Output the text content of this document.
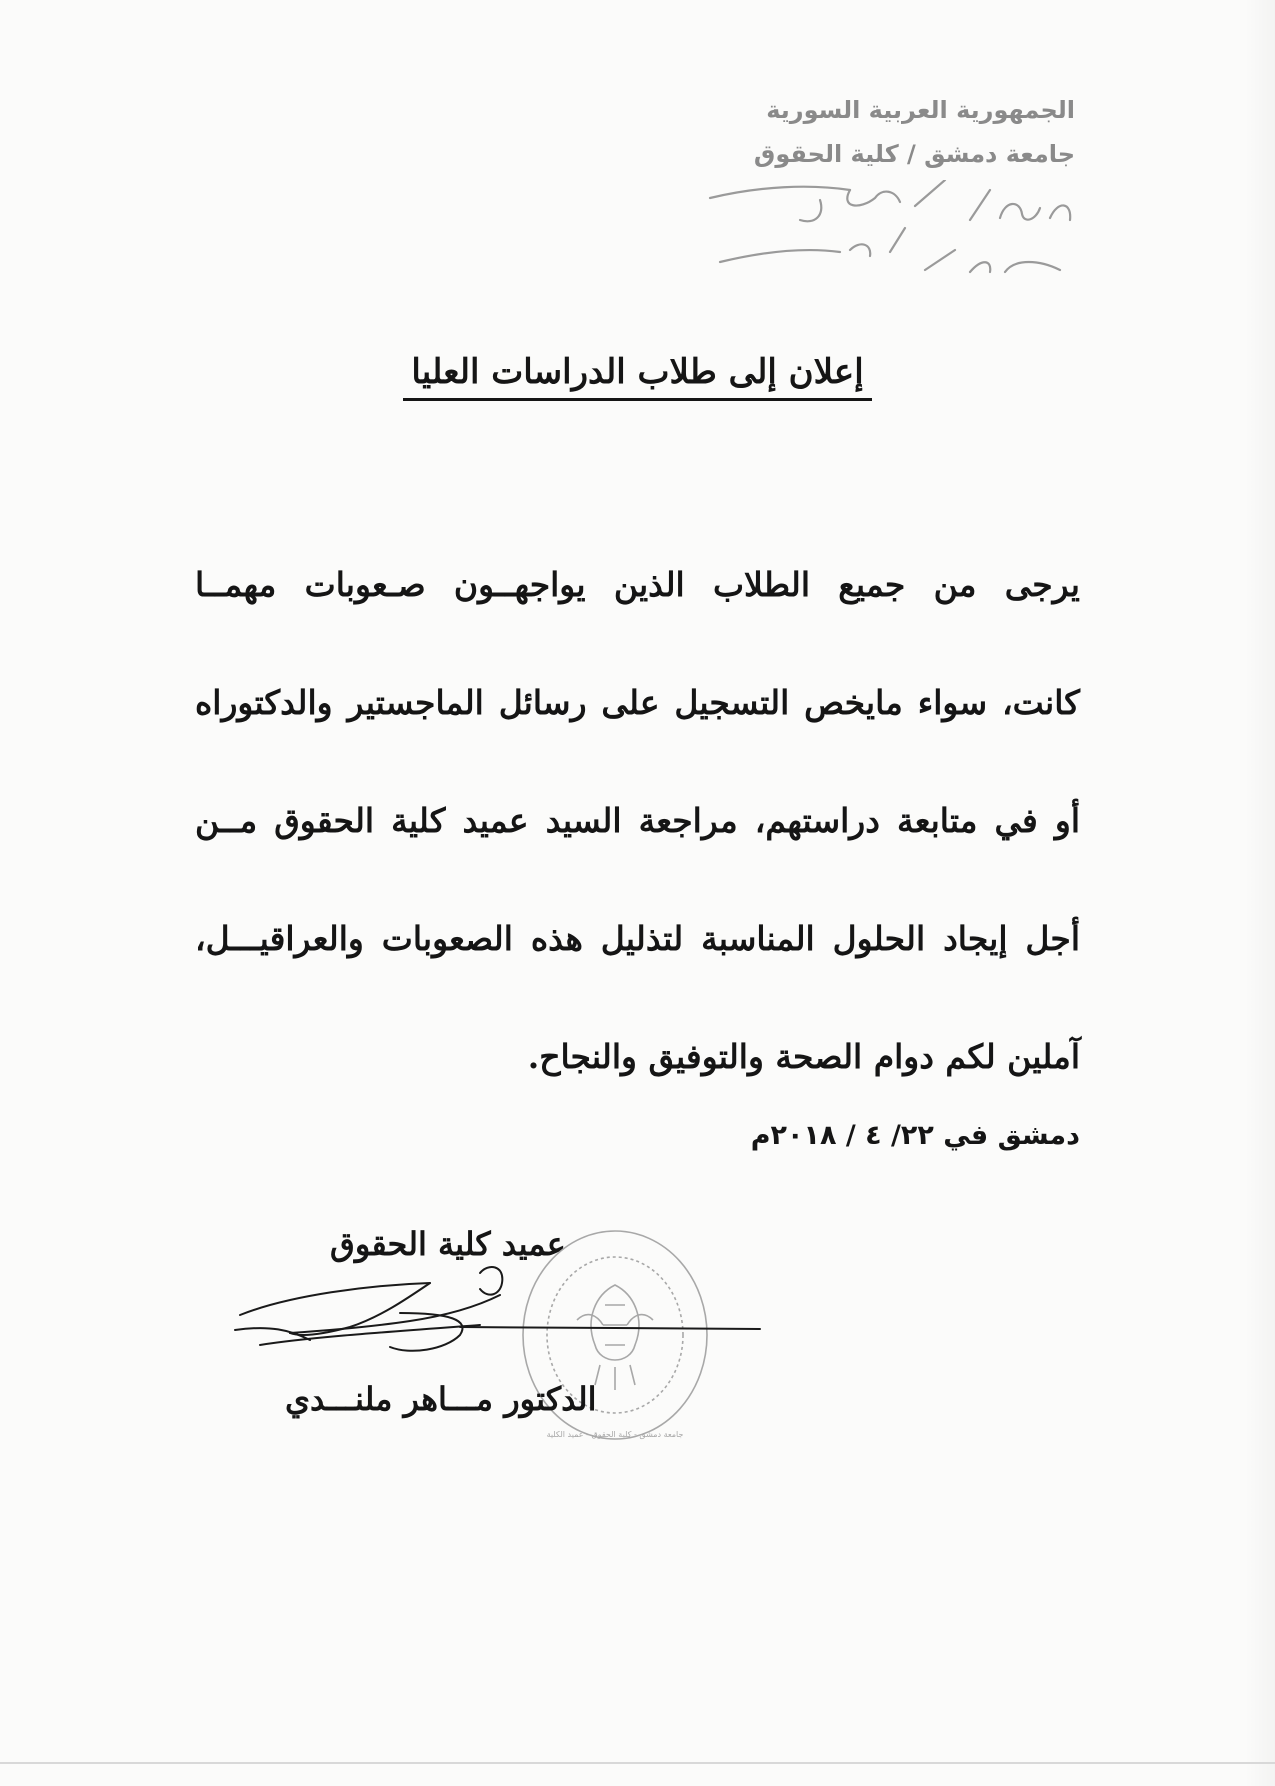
الجمهورية العربية السورية
جامعة دمشق / كلية الحقوق
إعلان إلى طلاب الدراسات العليا
يرجى من جميع الطلاب الذين يواجهــون صـعوبات مهمــا
كانت، سواء مايخص التسجيل على رسائل الماجستير والدكتوراه
أو في متابعة دراستهم، مراجعة السيد عميد كلية الحقوق مــن
أجل إيجاد الحلول المناسبة لتذليل هذه الصعوبات والعراقيـــل،
آملين لكم دوام الصحة والتوفيق والنجاح.
دمشق في ٢٢/ ٤ / ٢٠١٨م
عميد كلية الحقوق
جامعة دمشق - كلية الحقوق - عميد الكلية
الدكتور مـــاهر ملنـــدي
